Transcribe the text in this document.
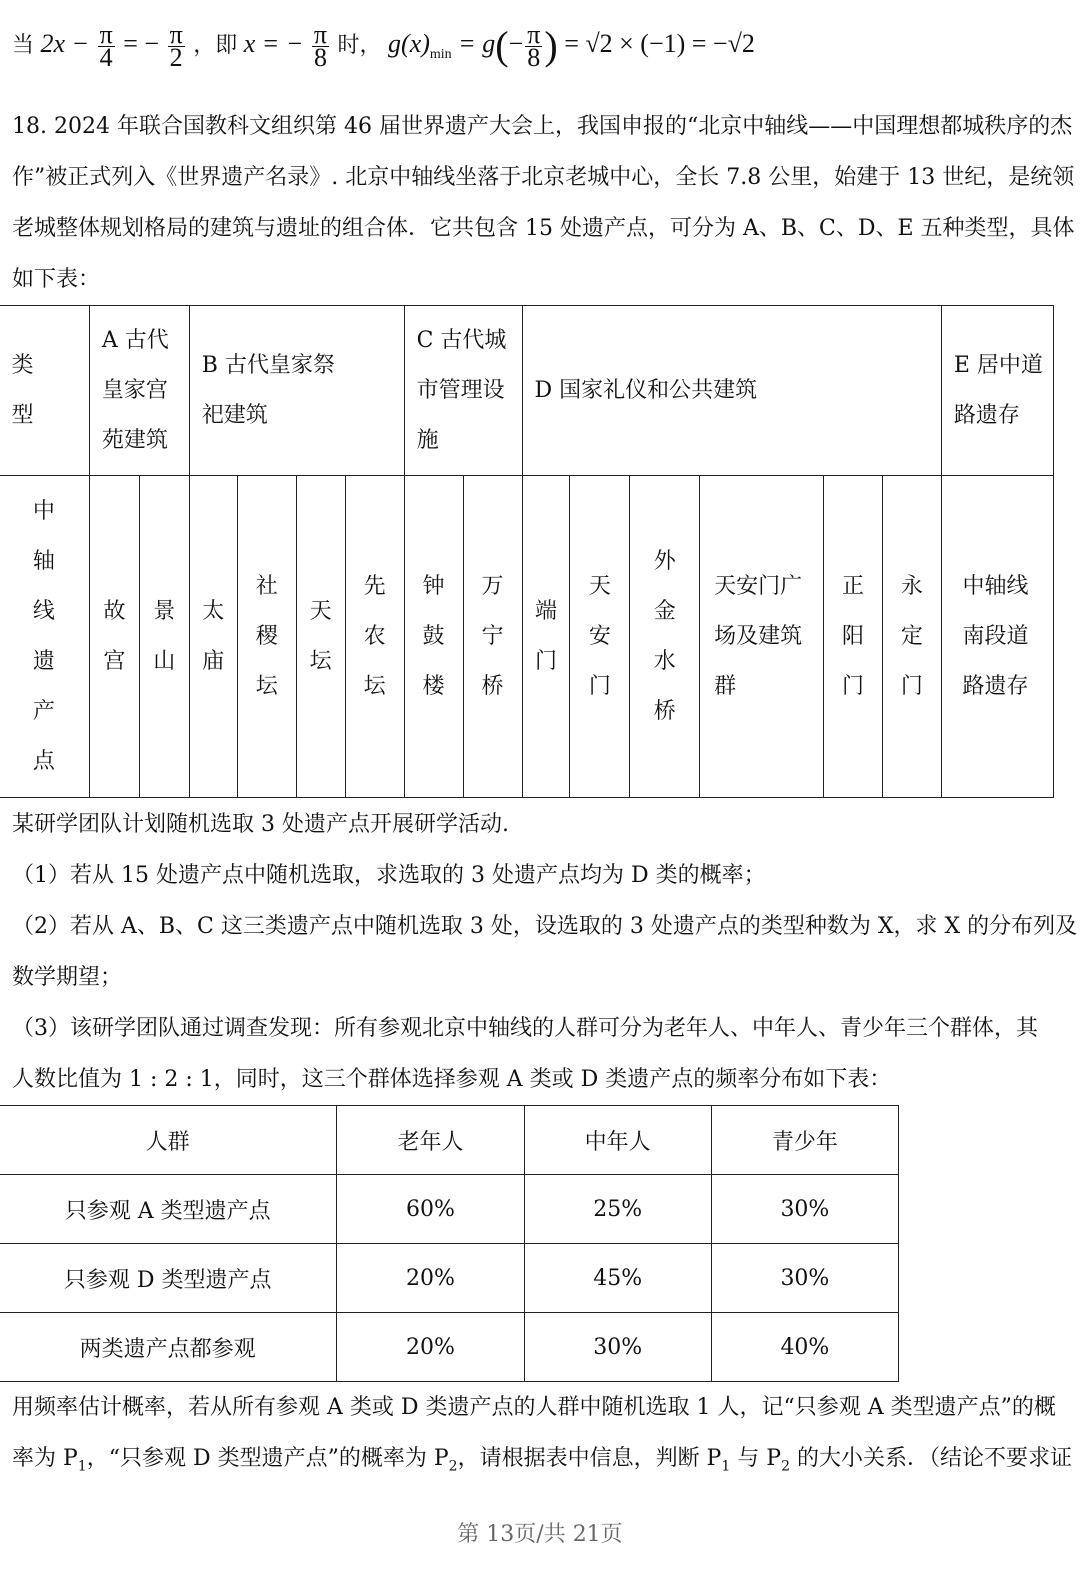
当 $2x - \frac{\pi}{4}$ = − $\frac{\pi}{2}$ ，即 x = − $\frac{\pi}{8}$ 时， $g(x)_{min} = g(- \frac{\pi}{8}$ ) = √2 × (−1) = −√2
18. 2024 年联合国教科文组织第 46 届世界遗产大会上，我国申报的“北京中轴线——中国理想都城秩序的杰
作”被正式列入《世界遗产名录》. 北京中轴线坐落于北京老城中心，全长 7.8 公里，始建于 13 世纪，是统领
老城整体规划格局的建筑与遗址的组合体．它共包含 15 处遗产点，可分为 A、B、C、D、E 五种类型，具体
如下表：
类型	A 古代皇家宫苑建筑		B 古代皇家祭祀建筑				C 古代城市管理设施		D 国家礼仪和公共建筑						E 居中道路遗存
中轴线遗产点	故宫	景山	太庙	社稷坛	天坛	先农坛	钟鼓楼	万宁桥	端门	天安门	外金水桥	天安门广场及建筑群	正阳门	永定门	中轴线南段道路遗存
某研学团队计划随机选取 3 处遗产点开展研学活动.
（1）若从 15 处遗产点中随机选取，求选取的 3 处遗产点均为 D 类的概率；
（2）若从 A、B、C 这三类遗产点中随机选取 3 处，设选取的 3 处遗产点的类型种数为 X，求 X 的分布列及
数学期望；
（3）该研学团队通过调查发现：所有参观北京中轴线的人群可分为老年人、中年人、青少年三个群体，其
人数比值为 1 : 2 : 1，同时，这三个群体选择参观 A 类或 D 类遗产点的频率分布如下表：
人群	老年人	中年人	青少年
只参观 A 类型遗产点	60%	25%	30%
只参观 D 类型遗产点	20%	45%	30%
两类遗产点都参观	20%	30%	40%
用频率估计概率，若从所有参观 A 类或 D 类遗产点的人群中随机选取 1 人，记“只参观 A 类型遗产点”的概
率为 $P_1$，“只参观 D 类型遗产点”的概率为 $P_2$，请根据表中信息，判断 $P_1$ 与 $P_2$ 的大小关系．（结论不要求证
第 13页/共 21页
